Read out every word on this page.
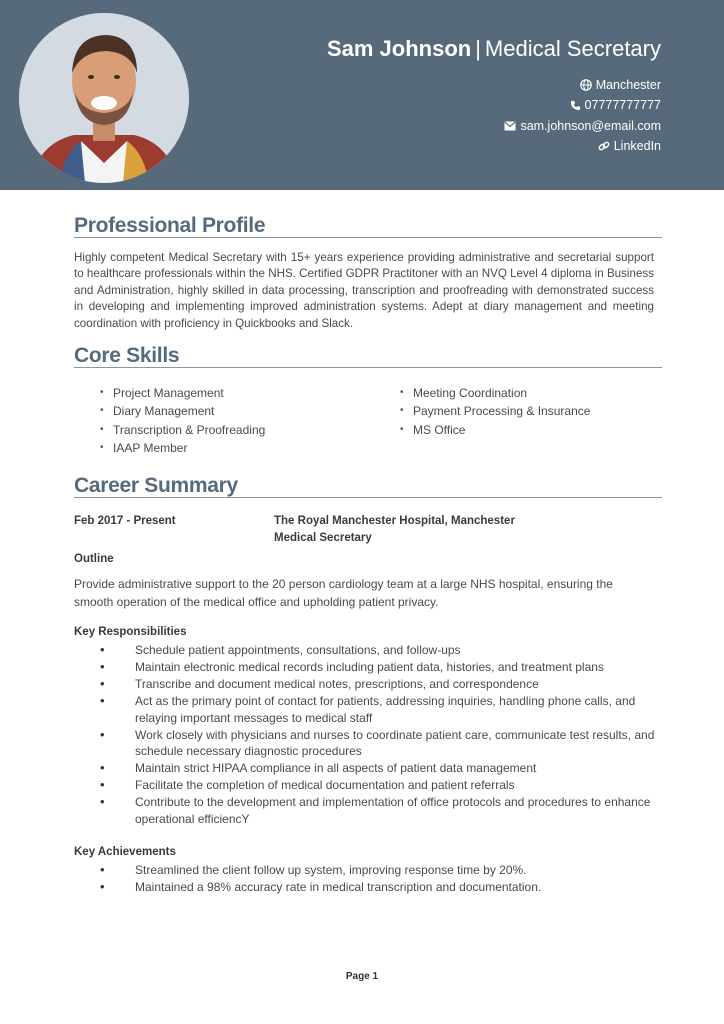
Sam Johnson | Medical Secretary
Manchester
07777777777
sam.johnson@email.com
LinkedIn
Professional Profile
Highly competent Medical Secretary with 15+ years experience providing administrative and secretarial support to healthcare professionals within the NHS. Certified GDPR Practitoner with an NVQ Level 4 diploma in Business and Administration, highly skilled in data processing, transcription and proofreading with demonstrated success in developing and implementing improved administration systems. Adept at diary management and meeting coordination with proficiency in Quickbooks and Slack.
Core Skills
• Project Management
• Diary Management
• Transcription & Proofreading
• IAAP Member
• Meeting Coordination
• Payment Processing & Insurance
• MS Office
Career Summary
Feb 2017 - Present	The Royal Manchester Hospital, Manchester
Medical Secretary
Outline
Provide administrative support to the 20 person cardiology team at a large NHS hospital, ensuring the smooth operation of the medical office and upholding patient privacy.
Key Responsibilities
• Schedule patient appointments, consultations, and follow-ups
• Maintain electronic medical records including patient data, histories, and treatment plans
• Transcribe and document medical notes, prescriptions, and correspondence
• Act as the primary point of contact for patients, addressing inquiries, handling phone calls, and relaying important messages to medical staff
• Work closely with physicians and nurses to coordinate patient care, communicate test results, and schedule necessary diagnostic procedures
• Maintain strict HIPAA compliance in all aspects of patient data management
• Facilitate the completion of medical documentation and patient referrals
• Contribute to the development and implementation of office protocols and procedures to enhance operational efficiencY
Key Achievements
• Streamlined the client follow up system, improving response time by 20%.
• Maintained a 98% accuracy rate in medical transcription and documentation.
Page 1
